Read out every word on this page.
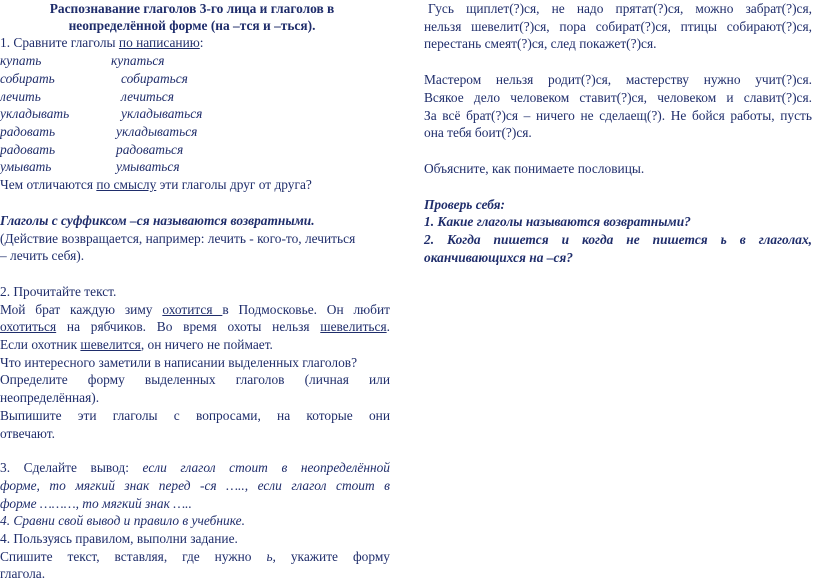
Распознавание глаголов 3-го лица и глаголов в
неопределённой форме (на –тся и –ться).
1. Сравните глаголы по написанию:
купать	купаться
собирать	собираться
лечить	лечиться
укладывать	укладываться
радовать	укладываться
радовать	радоваться
умывать	умываться
Чем отличаются по смыслу эти глаголы друг от друга?
Глаголы с суффиксом –ся называются возвратными.
(Действие возвращается, например: лечить - кого-то, лечиться
– лечить себя).
2. Прочитайте текст.
Мой брат каждую зиму охотится в Подмосковье. Он любит
охотиться на рябчиков. Во время охоты нельзя шевелиться.
Если охотник шевелится, он ничего не поймает.
Что интересного заметили в написании выделенных глаголов?
Определите форму выделенных глаголов (личная или
неопределённая).
Выпишите эти глаголы с вопросами, на которые они
отвечают.
3. Сделайте вывод: если глагол стоит в неопределённой
форме, то мягкий знак перед -ся ….., если глагол стоит в
форме ………, то мягкий знак …..
4. Сравни свой вывод и правило в учебнике.
4. Пользуясь правилом, выполни задание.
Спишите текст, вставляя, где нужно ь, укажите форму
глагола.
Гусь щиплет(?)ся, не надо прятат(?)ся, можно забрат(?)ся,
нельзя шевелит(?)ся, пора собират(?)ся, птицы собирают(?)ся,
перестань смеят(?)ся, след покажет(?)ся.
Мастером нельзя родит(?)ся, мастерству нужно учит(?)ся.
Всякое дело человеком ставит(?)ся, человеком и славит(?)ся.
За всё брат(?)ся – ничего не сделаещ(?). Не бойся работы, пусть
она тебя боит(?)ся.
Объясните, как понимаете пословицы.
Проверь себя:
1. Какие глаголы называются возвратными?
2. Когда пишется и когда не пишется ь в глаголах,
оканчивающихся на –ся?
